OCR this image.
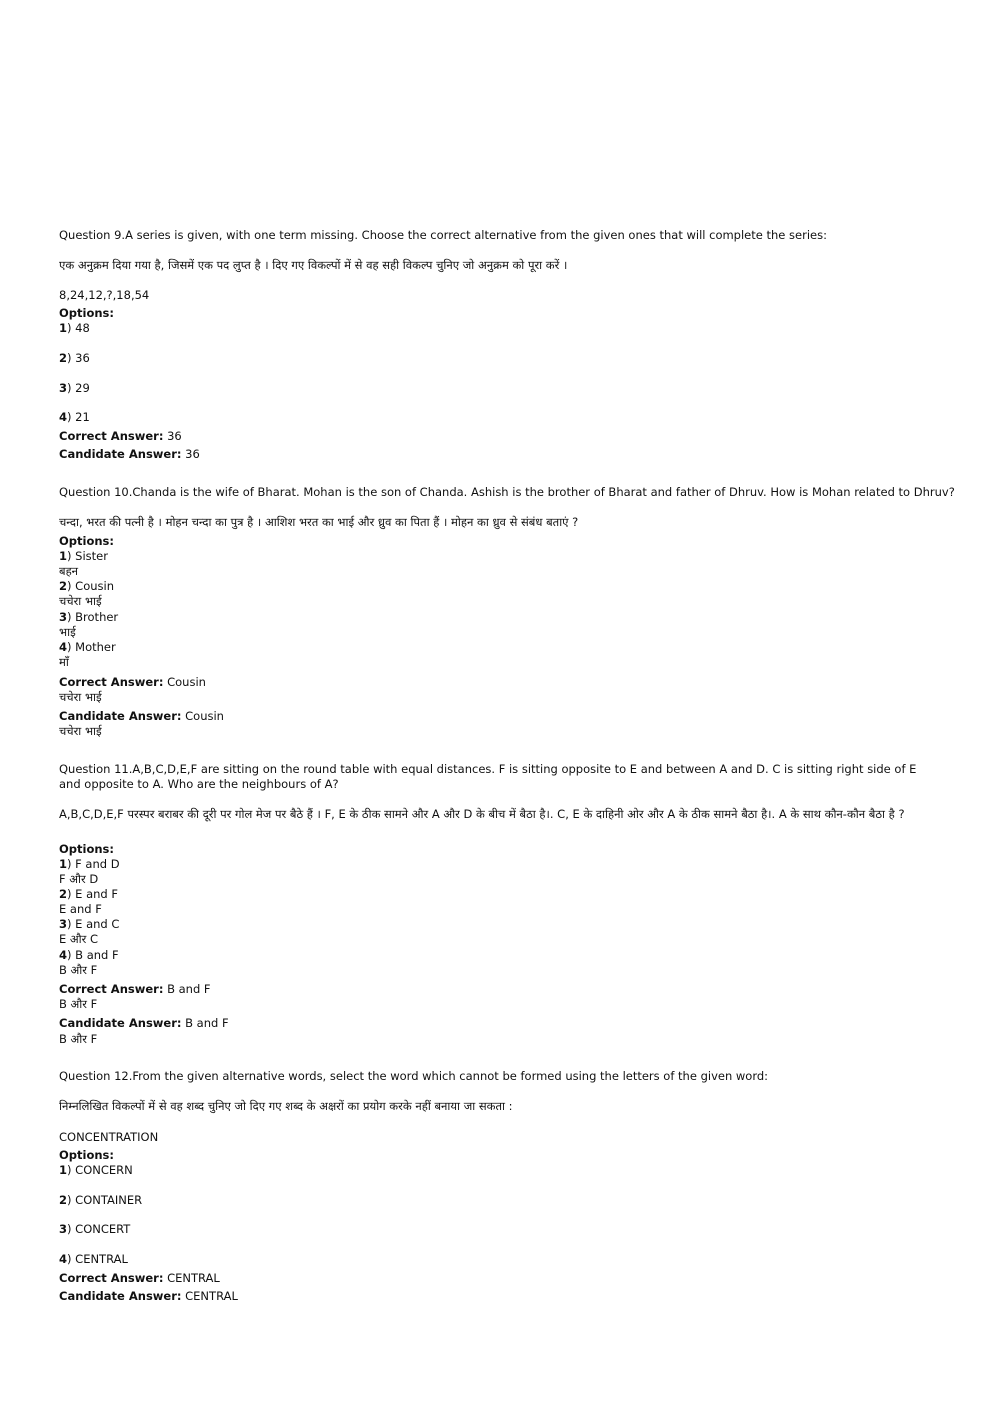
Question 9.A series is given, with one term missing. Choose the correct alternative from the given ones that will complete the series:
एक अनुक्रम दिया गया है, जिसमें एक पद लुप्त है । दिए गए विकल्पों में से वह सही विकल्प चुनिए जो अनुक्रम को पूरा करें ।
8,24,12,?,18,54
Options:
1) 48
2) 36
3) 29
4) 21
Correct Answer: 36
Candidate Answer: 36
Question 10.Chanda is the wife of Bharat. Mohan is the son of Chanda. Ashish is the brother of Bharat and father of Dhruv. How is Mohan related to Dhruv?
चन्दा, भरत की पत्नी है । मोहन चन्दा का पुत्र है । आशिश भरत का भाई और ध्रुव का पिता हैं । मोहन का ध्रुव से संबंध बताएं ?
Options:
1) Sister
बहन
2) Cousin
चचेरा भाई
3) Brother
भाई
4) Mother
माँ
Correct Answer: Cousin
चचेरा भाई
Candidate Answer: Cousin
चचेरा भाई
Question 11.A,B,C,D,E,F are sitting on the round table with equal distances. F is sitting opposite to E and between A and D. C is sitting right side of E and opposite to A. Who are the neighbours of A?
A,B,C,D,E,F परस्पर बराबर की दूरी पर गोल मेज पर बैठे हैं । F, E के ठीक सामने और A और D के बीच में बैठा है।. C, E के दाहिनी ओर और A के ठीक सामने बैठा है।. A के साथ कौन-कौन बैठा है ?
Options:
1) F and D
F और D
2) E and F
E and F
3) E and C
E और C
4) B and F
B और F
Correct Answer: B and F
B और F
Candidate Answer: B and F
B और F
Question 12.From the given alternative words, select the word which cannot be formed using the letters of the given word:
निम्नलिखित विकल्पों में से वह शब्द चुनिए जो दिए गए शब्द के अक्षरों का प्रयोग करके नहीं बनाया जा सकता :
CONCENTRATION
Options:
1) CONCERN
2) CONTAINER
3) CONCERT
4) CENTRAL
Correct Answer: CENTRAL
Candidate Answer: CENTRAL
